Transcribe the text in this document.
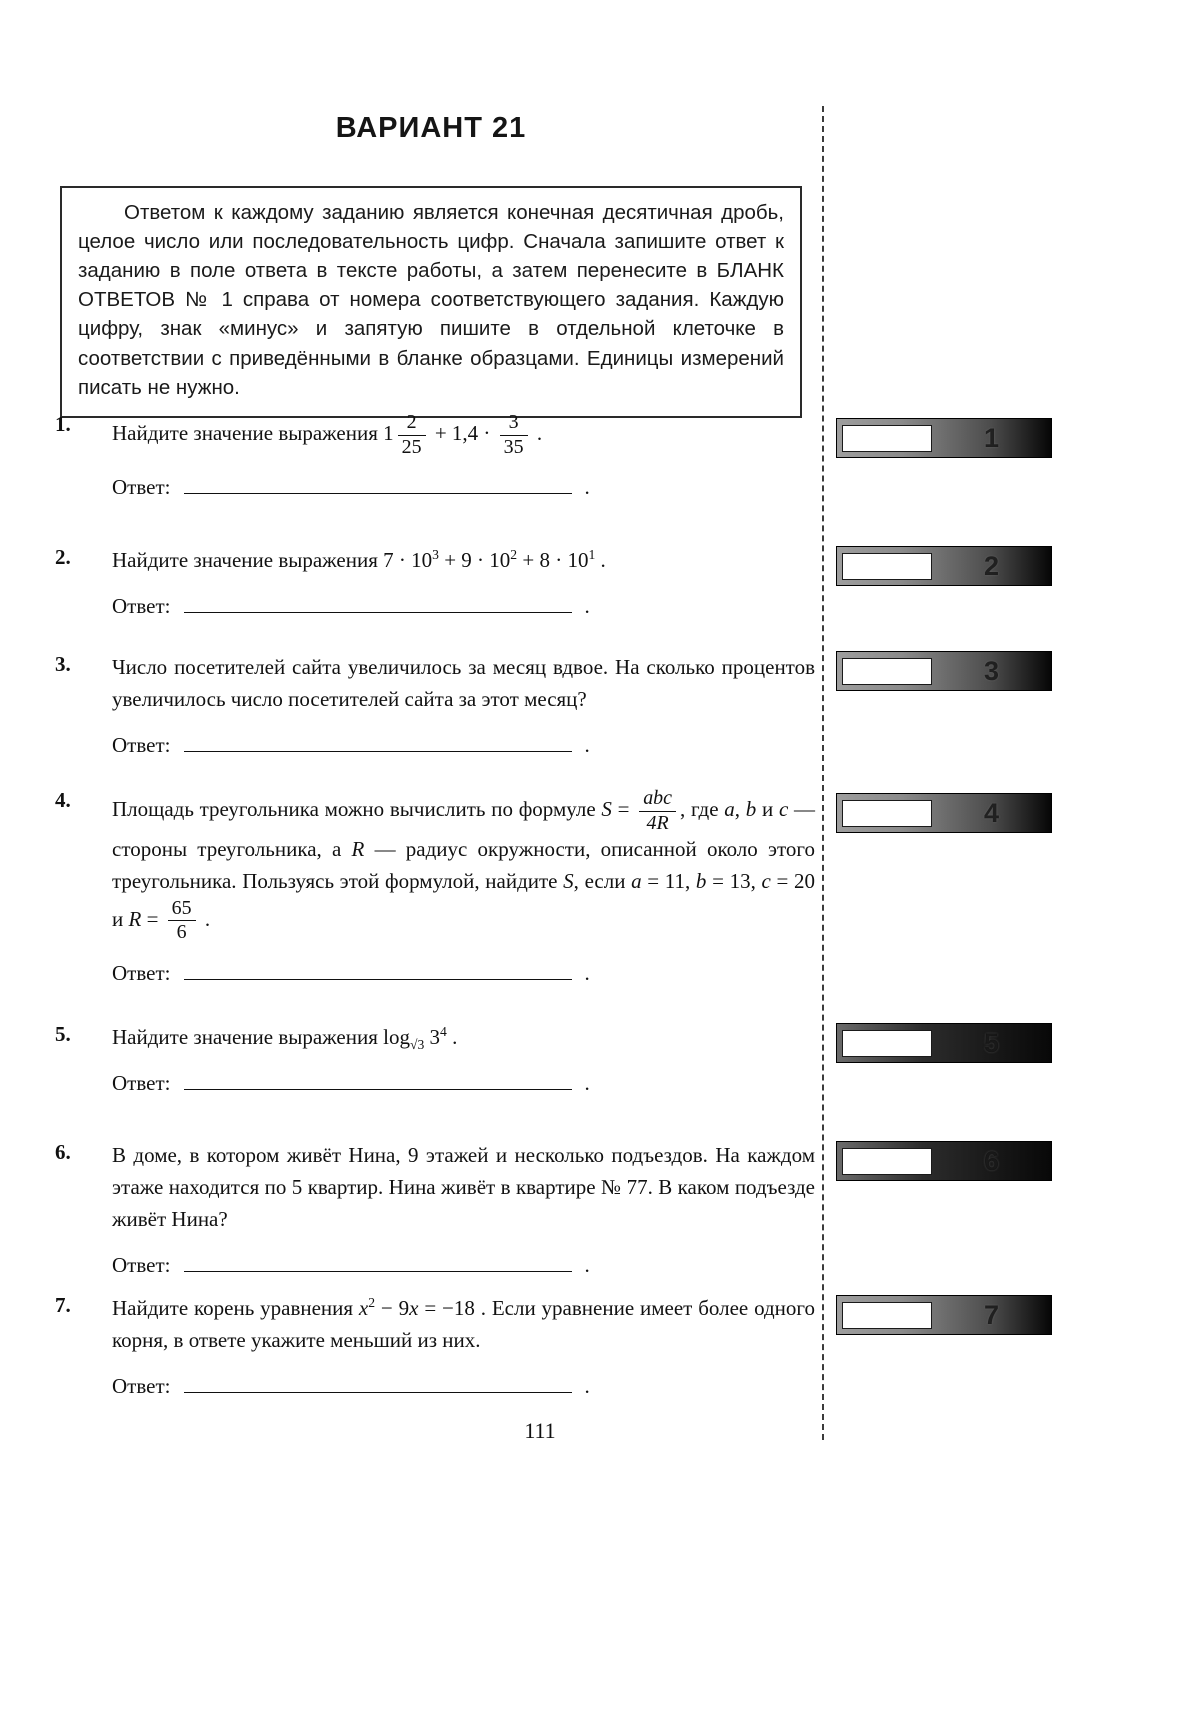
ВАРИАНТ 21

Ответом к каждому заданию является конечная десятичная дробь, целое число или последовательность цифр. Сначала запишите ответ к заданию в поле ответа в тексте работы, а затем перенесите в БЛАНК ОТВЕТОВ № 1 справа от номера соответствующего задания. Каждую цифру, знак «минус» и запятую пишите в отдельной клеточке в соответствии с приведёнными в бланке образцами. Единицы измерений писать не нужно.

1.	Найдите значение выражения $1 \frac{2}{25} + 1,4 \cdot \frac{3}{35}$ .
Ответ:	.
2.	Найдите значение выражения $7 \cdot 10^3 + 9 \cdot 10^2 + 8 \cdot 10^1$ .
Ответ:	.
3.	Число посетителей сайта увеличилось за месяц вдвое. На сколько процентов увеличилось число посетителей сайта за этот месяц?
Ответ:	.
4.	Площадь треугольника можно вычислить по формуле $S = \frac{\text{abc}}{4R}$ , где a, b и c — стороны треугольника, а R — радиус окружности, описанной около этого треугольника. Пользуясь этой формулой, найдите S, если a = 11, b = 13, c = 20 и $R = \frac{65}{6}$ .
Ответ:	.
5.	Найдите значение выражения $\log_{√3} 3^4$ .
Ответ:	.
6.	В доме, в котором живёт Нина, 9 этажей и несколько подъездов. На каждом этаже находится по 5 квартир. Нина живёт в квартире № 77. В каком подъезде живёт Нина?
Ответ:	.
7.	Найдите корень уравнения $x^2 - 9x = -18$ . Если уравнение имеет более одного корня, в ответе укажите меньший из них.
Ответ:	.
1
2
3
4
5
6
7
111
